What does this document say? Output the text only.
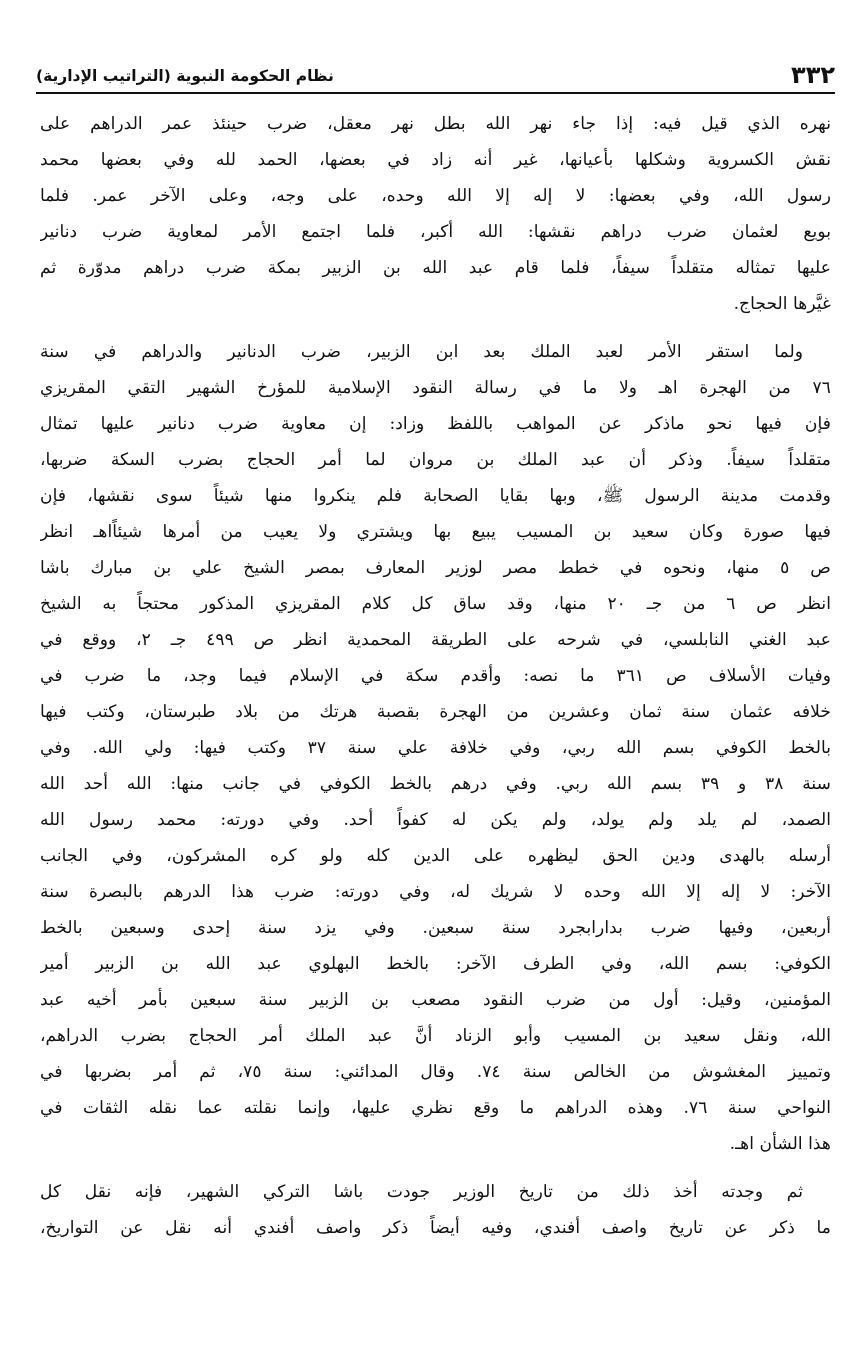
٣٣٢
نظام الحكومة النبوية (التراتيب الإدارية)
نهره الذي قيل فيه: إذا جاء نهر الله بطل نهر معقل، ضرب حينئذ عمر الدراهم على
نقش الكسروية وشكلها بأعيانها، غير أنه زاد في بعضها، الحمد لله وفي بعضها محمد
رسول الله، وفي بعضها: لا إله إلا الله وحده، على وجه، وعلى الآخر عمر. فلما
بويع لعثمان ضرب دراهم نقشها: الله أكبر، فلما اجتمع الأمر لمعاوية ضرب دنانير
عليها تمثاله متقلداً سيفاً، فلما قام عبد الله بن الزبير بمكة ضرب دراهم مدوّرة ثم
غيَّرها الحجاج.
ولما استقر الأمر لعبد الملك بعد ابن الزبير، ضرب الدنانير والدراهم في سنة
٧٦ من الهجرة اهـ ولا ما في رسالة النقود الإسلامية للمؤرخ الشهير التقي المقريزي
فإن فيها نحو ماذكر عن المواهب باللفظ وزاد: إن معاوية ضرب دنانير عليها تمثال
متقلداً سيفاً. وذكر أن عبد الملك بن مروان لما أمر الحجاج بضرب السكة ضربها،
وقدمت مدينة الرسول ﷺ، وبها بقايا الصحابة فلم ينكروا منها شيئاً سوى نقشها، فإن
فيها صورة وكان سعيد بن المسيب يبيع بها ويشتري ولا يعيب من أمرها شيئاًاهـ انظر
ص ٥ منها، ونحوه في خطط مصر لوزير المعارف بمصر الشيخ علي بن مبارك باشا
انظر ص ٦ من جـ ٢٠ منها، وقد ساق كل كلام المقريزي المذكور محتجاً به الشيخ
عبد الغني النابلسي، في شرحه على الطريقة المحمدية انظر ص ٤٩٩ جـ ٢، ووقع في
وفيات الأسلاف ص ٣٦١ ما نصه: وأقدم سكة في الإسلام فيما وجد، ما ضرب في
خلافه عثمان سنة ثمان وعشرين من الهجرة بقصبة هرتك من بلاد طبرستان، وكتب فيها
بالخط الكوفي بسم الله ربي، وفي خلافة علي سنة ٣٧ وكتب فيها: ولي الله. وفي
سنة ٣٨ و ٣٩ بسم الله ربي. وفي درهم بالخط الكوفي في جانب منها: الله أحد الله
الصمد، لم يلد ولم يولد، ولم يكن له كفواً أحد. وفي دورته: محمد رسول الله
أرسله بالهدى ودين الحق ليظهره على الدين كله ولو كره المشركون، وفي الجانب
الآخر: لا إله إلا الله وحده لا شريك له، وفي دورته: ضرب هذا الدرهم بالبصرة سنة
أربعين، وفيها ضرب بدارابجرد سنة سبعين. وفي يزد سنة إحدى وسبعين بالخط
الكوفي: بسم الله، وفي الطرف الآخر: بالخط البهلوي عبد الله بن الزبير أمير
المؤمنين، وقيل: أول من ضرب النقود مصعب بن الزبير سنة سبعين بأمر أخيه عبد
الله، ونقل سعيد بن المسيب وأبو الزناد أنَّ عبد الملك أمر الحجاج بضرب الدراهم،
وتمييز المغشوش من الخالص سنة ٧٤. وقال المدائني: سنة ٧٥، ثم أمر بضربها في
النواحي سنة ٧٦. وهذه الدراهم ما وقع نظري عليها، وإنما نقلته عما نقله الثقات في
هذا الشأن اهـ.
ثم وجدته أخذ ذلك من تاريخ الوزير جودت باشا التركي الشهير، فإنه نقل كل
ما ذكر عن تاريخ واصف أفندي، وفيه أيضاً ذكر واصف أفندي أنه نقل عن التواريخ،
